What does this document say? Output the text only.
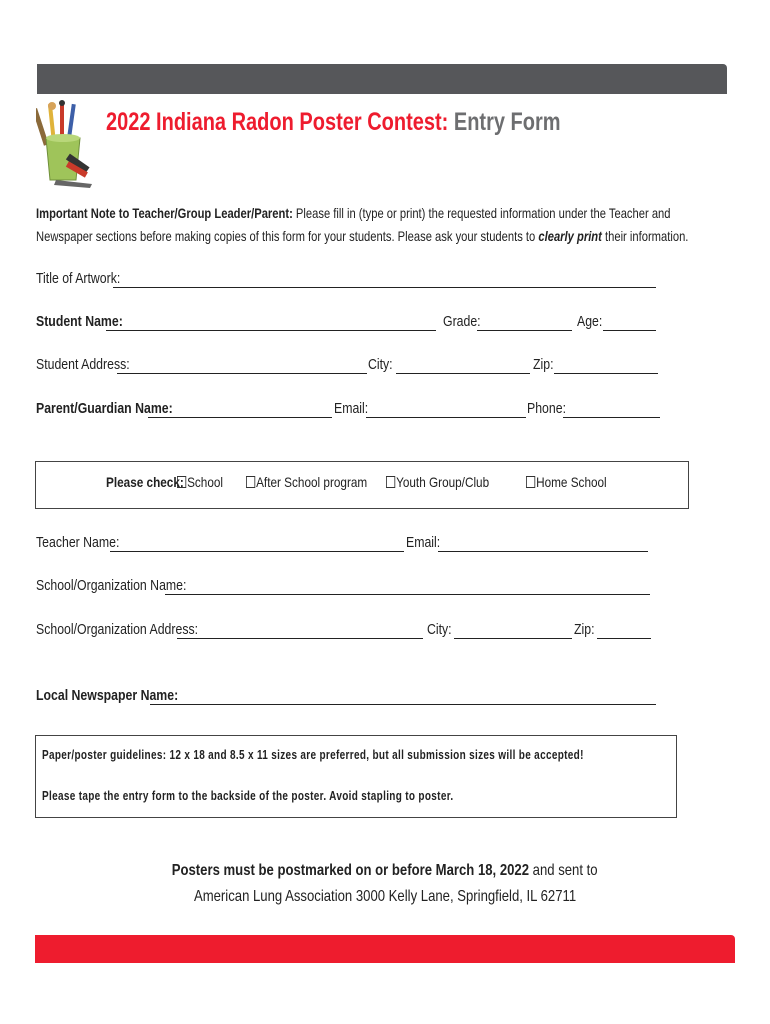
2022 Indiana Radon Poster Contest: Entry Form
Important Note to Teacher/Group Leader/Parent: Please fill in (type or print) the requested information under the Teacher and Newspaper sections before making copies of this form for your students. Please ask your students to clearly print their information.
Title of Artwork:
Student Name:	Grade:	Age:
Student Address:	City:	Zip:
Parent/Guardian Name:	Email:	Phone:
Please check: School	After School program	Youth Group/Club	Home School
Teacher Name:	Email:
School/Organization Name:
School/Organization Address:	City:	Zip:
Local Newspaper Name:
Paper/poster guidelines: 12 x 18 and 8.5 x 11 sizes are preferred, but all submission sizes will be accepted!
Please tape the entry form to the backside of the poster. Avoid stapling to poster.
Posters must be postmarked on or before March 18, 2022 and sent to
American Lung Association 3000 Kelly Lane, Springfield, IL 62711
